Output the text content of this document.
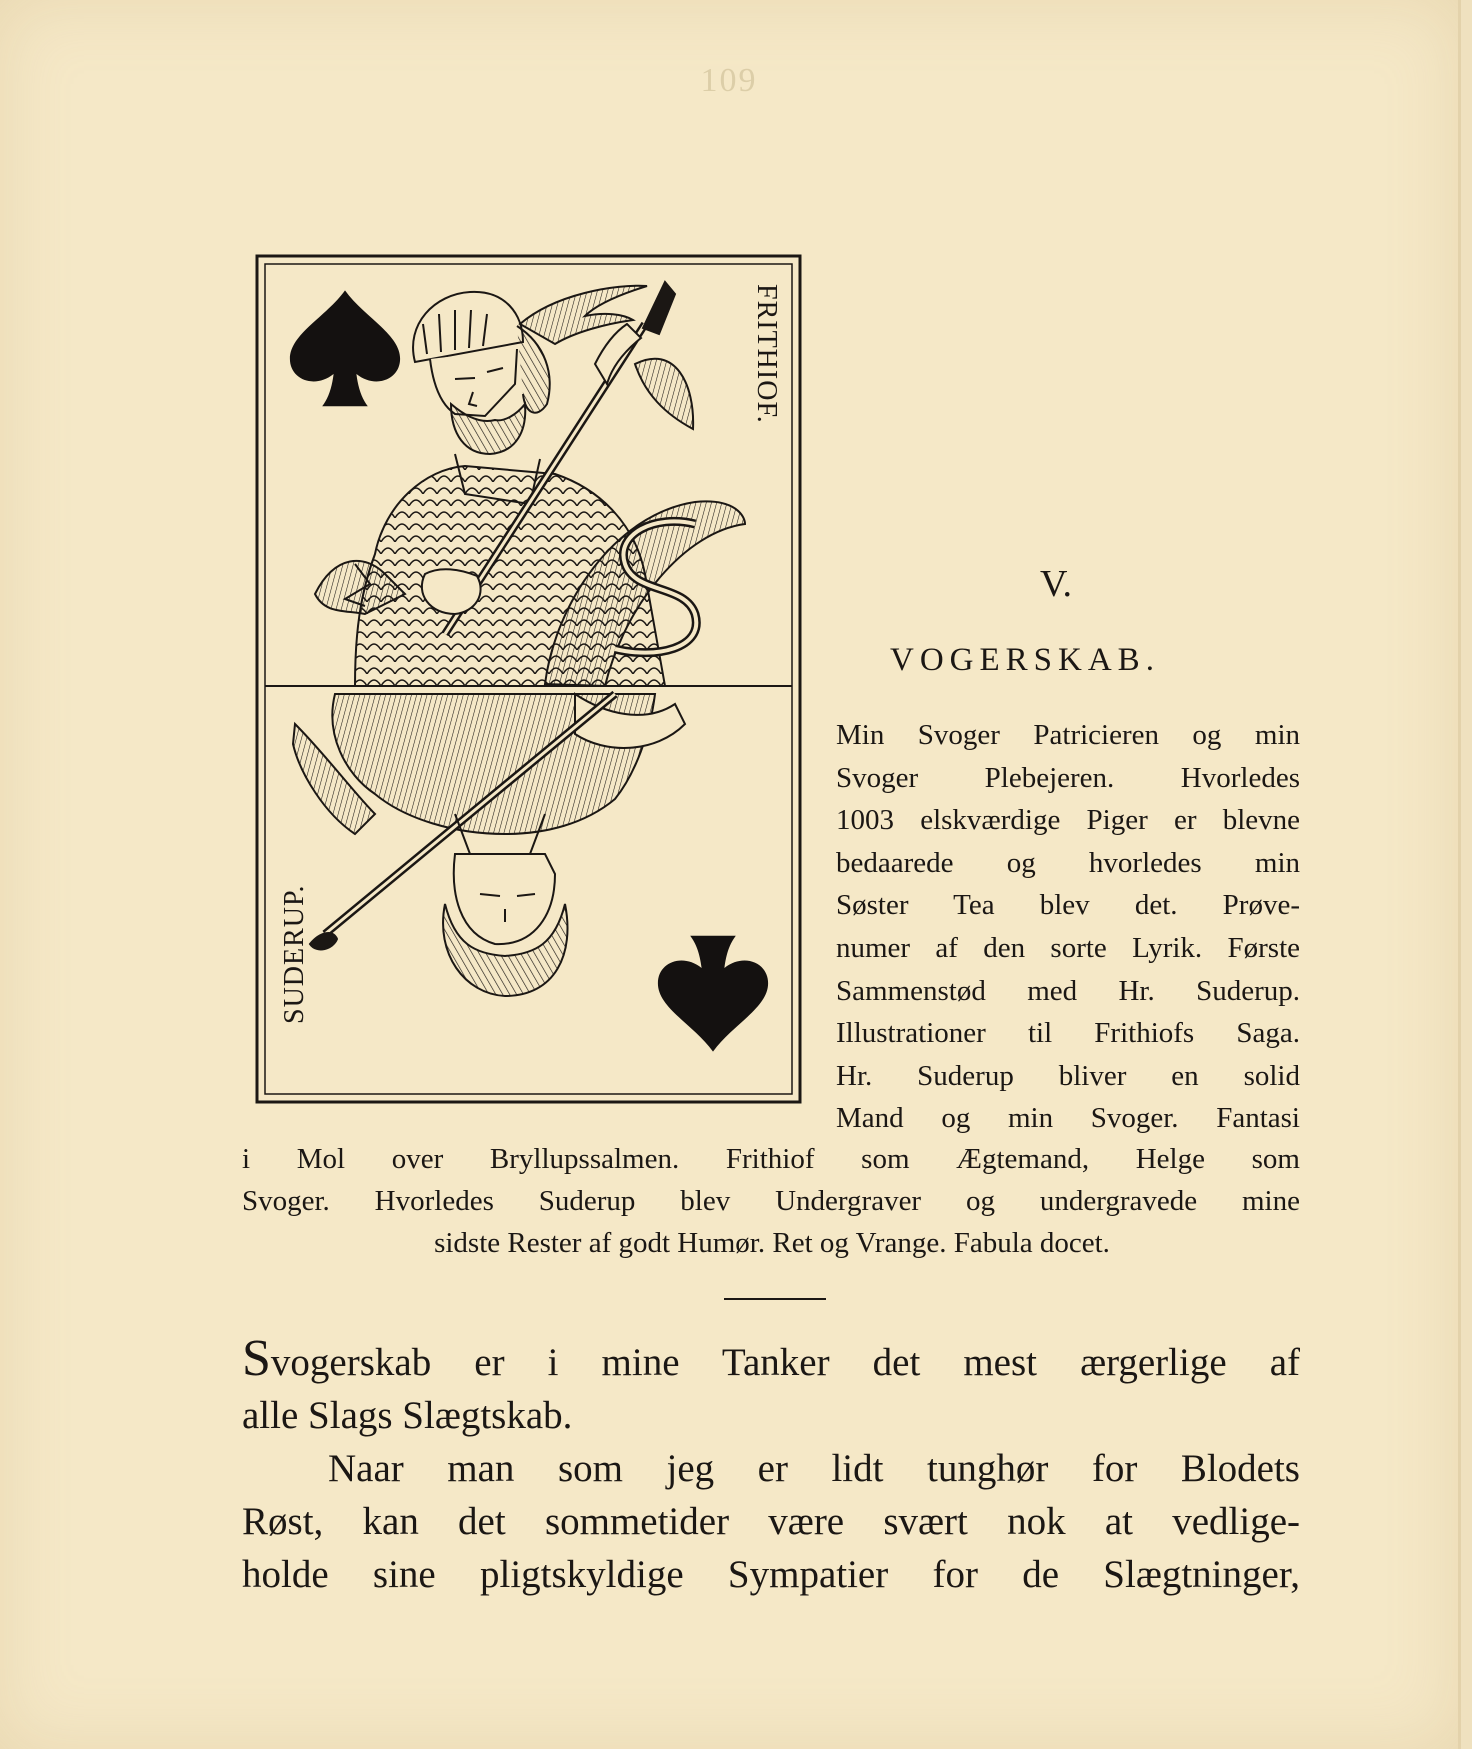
109
FRITHIOF.
SUDERUP.
V.
VOGERSKAB.
Min Svoger Patricieren og min
Svoger Plebejeren. Hvorledes
1003 elskværdige Piger er blevne
bedaarede og hvorledes min
Søster Tea blev det. Prøve-
numer af den sorte Lyrik. Første
Sammenstød med Hr. Suderup.
Illustrationer til Frithiofs Saga.
Hr. Suderup bliver en solid
Mand og min Svoger. Fantasi
i Mol over Bryllupssalmen. Frithiof som Ægtemand, Helge som
Svoger. Hvorledes Suderup blev Undergraver og undergravede mine
sidste Rester af godt Humør. Ret og Vrange. Fabula docet.
Svogerskab er i mine Tanker det mest ærgerlige af
alle Slags Slægtskab.
Naar man som jeg er lidt tunghør for Blodets
Røst, kan det sommetider være svært nok at vedlige-
holde sine pligtskyldige Sympatier for de Slægtninger,
